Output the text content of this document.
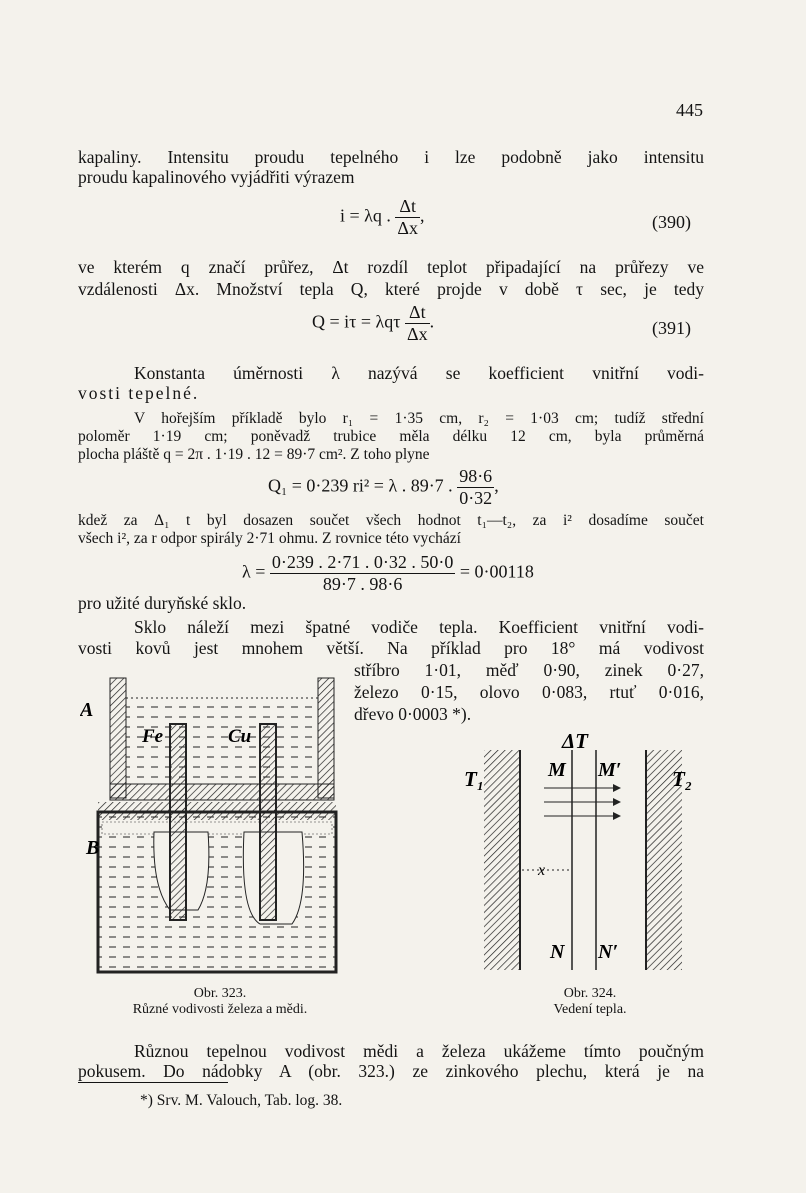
445
kapaliny. Intensitu proudu tepelného i lze podobně jako intensitu
proudu kapalinového vyjádřiti výrazem
i = λq . $\frac{\Delta t}{\Delta x}$ ,	(390)
ve kterém q značí průřez, Δt rozdíl teplot připadající na průřezy ve
vzdálenosti Δx. Množství tepla Q, které projde v době τ sec, je tedy
Q = iτ = λqτ $\frac{\Delta t}{\Delta x}$ .	(391)
Konstanta úměrnosti λ nazývá se koefficient vnitřní vodi-
vosti tepelné.
V hořejším příkladě bylo r₁ = 1·35 cm, r₂ = 1·03 cm; tudíž střední
poloměr 1·19 cm; poněvadž trubice měla délku 12 cm, byla průměrná
plocha pláště q = 2π . 1·19 . 12 = 89·7 cm². Z toho plyne
Q₁ = 0·239 ri² = λ . 89·7 . $\frac{98\cdot 6}{0\cdot 32}$ ,
kdež za Δ₁ t byl dosazen součet všech hodnot t₁—t₂, za i² dosadíme součet
všech i², za r odpor spirály 2·71 ohmu. Z rovnice této vychází
$\lambda = \frac{0\cdot 239 . 2\cdot 71 . 0\cdot 32 . 50\cdot 0}{89\cdot 7 . 98\cdot 6} = 0\cdot 00118$
pro užité duryňské sklo.
Sklo náleží mezi špatné vodiče tepla. Koefficient vnitřní vodi-
vosti kovů jest mnohem větší. Na příklad pro 18° má vodivost
stříbro 1·01, měď 0·90, zinek 0·27,
železo 0·15, olovo 0·083, rtuť 0·016,
dřevo 0·0003 *).
A
B
Fe	Cu
Obr. 323.
Různé vodivosti železa a mědi.
ΔT
T₁	T₂
M M′
x
N N′
Obr. 324.
Vedení tepla.
Různou tepelnou vodivost mědi a železa ukážeme tímto poučným
pokusem. Do nádobky A (obr. 323.) ze zinkového plechu, která je na
*) Srv. M. Valouch, Tab. log. 38.
